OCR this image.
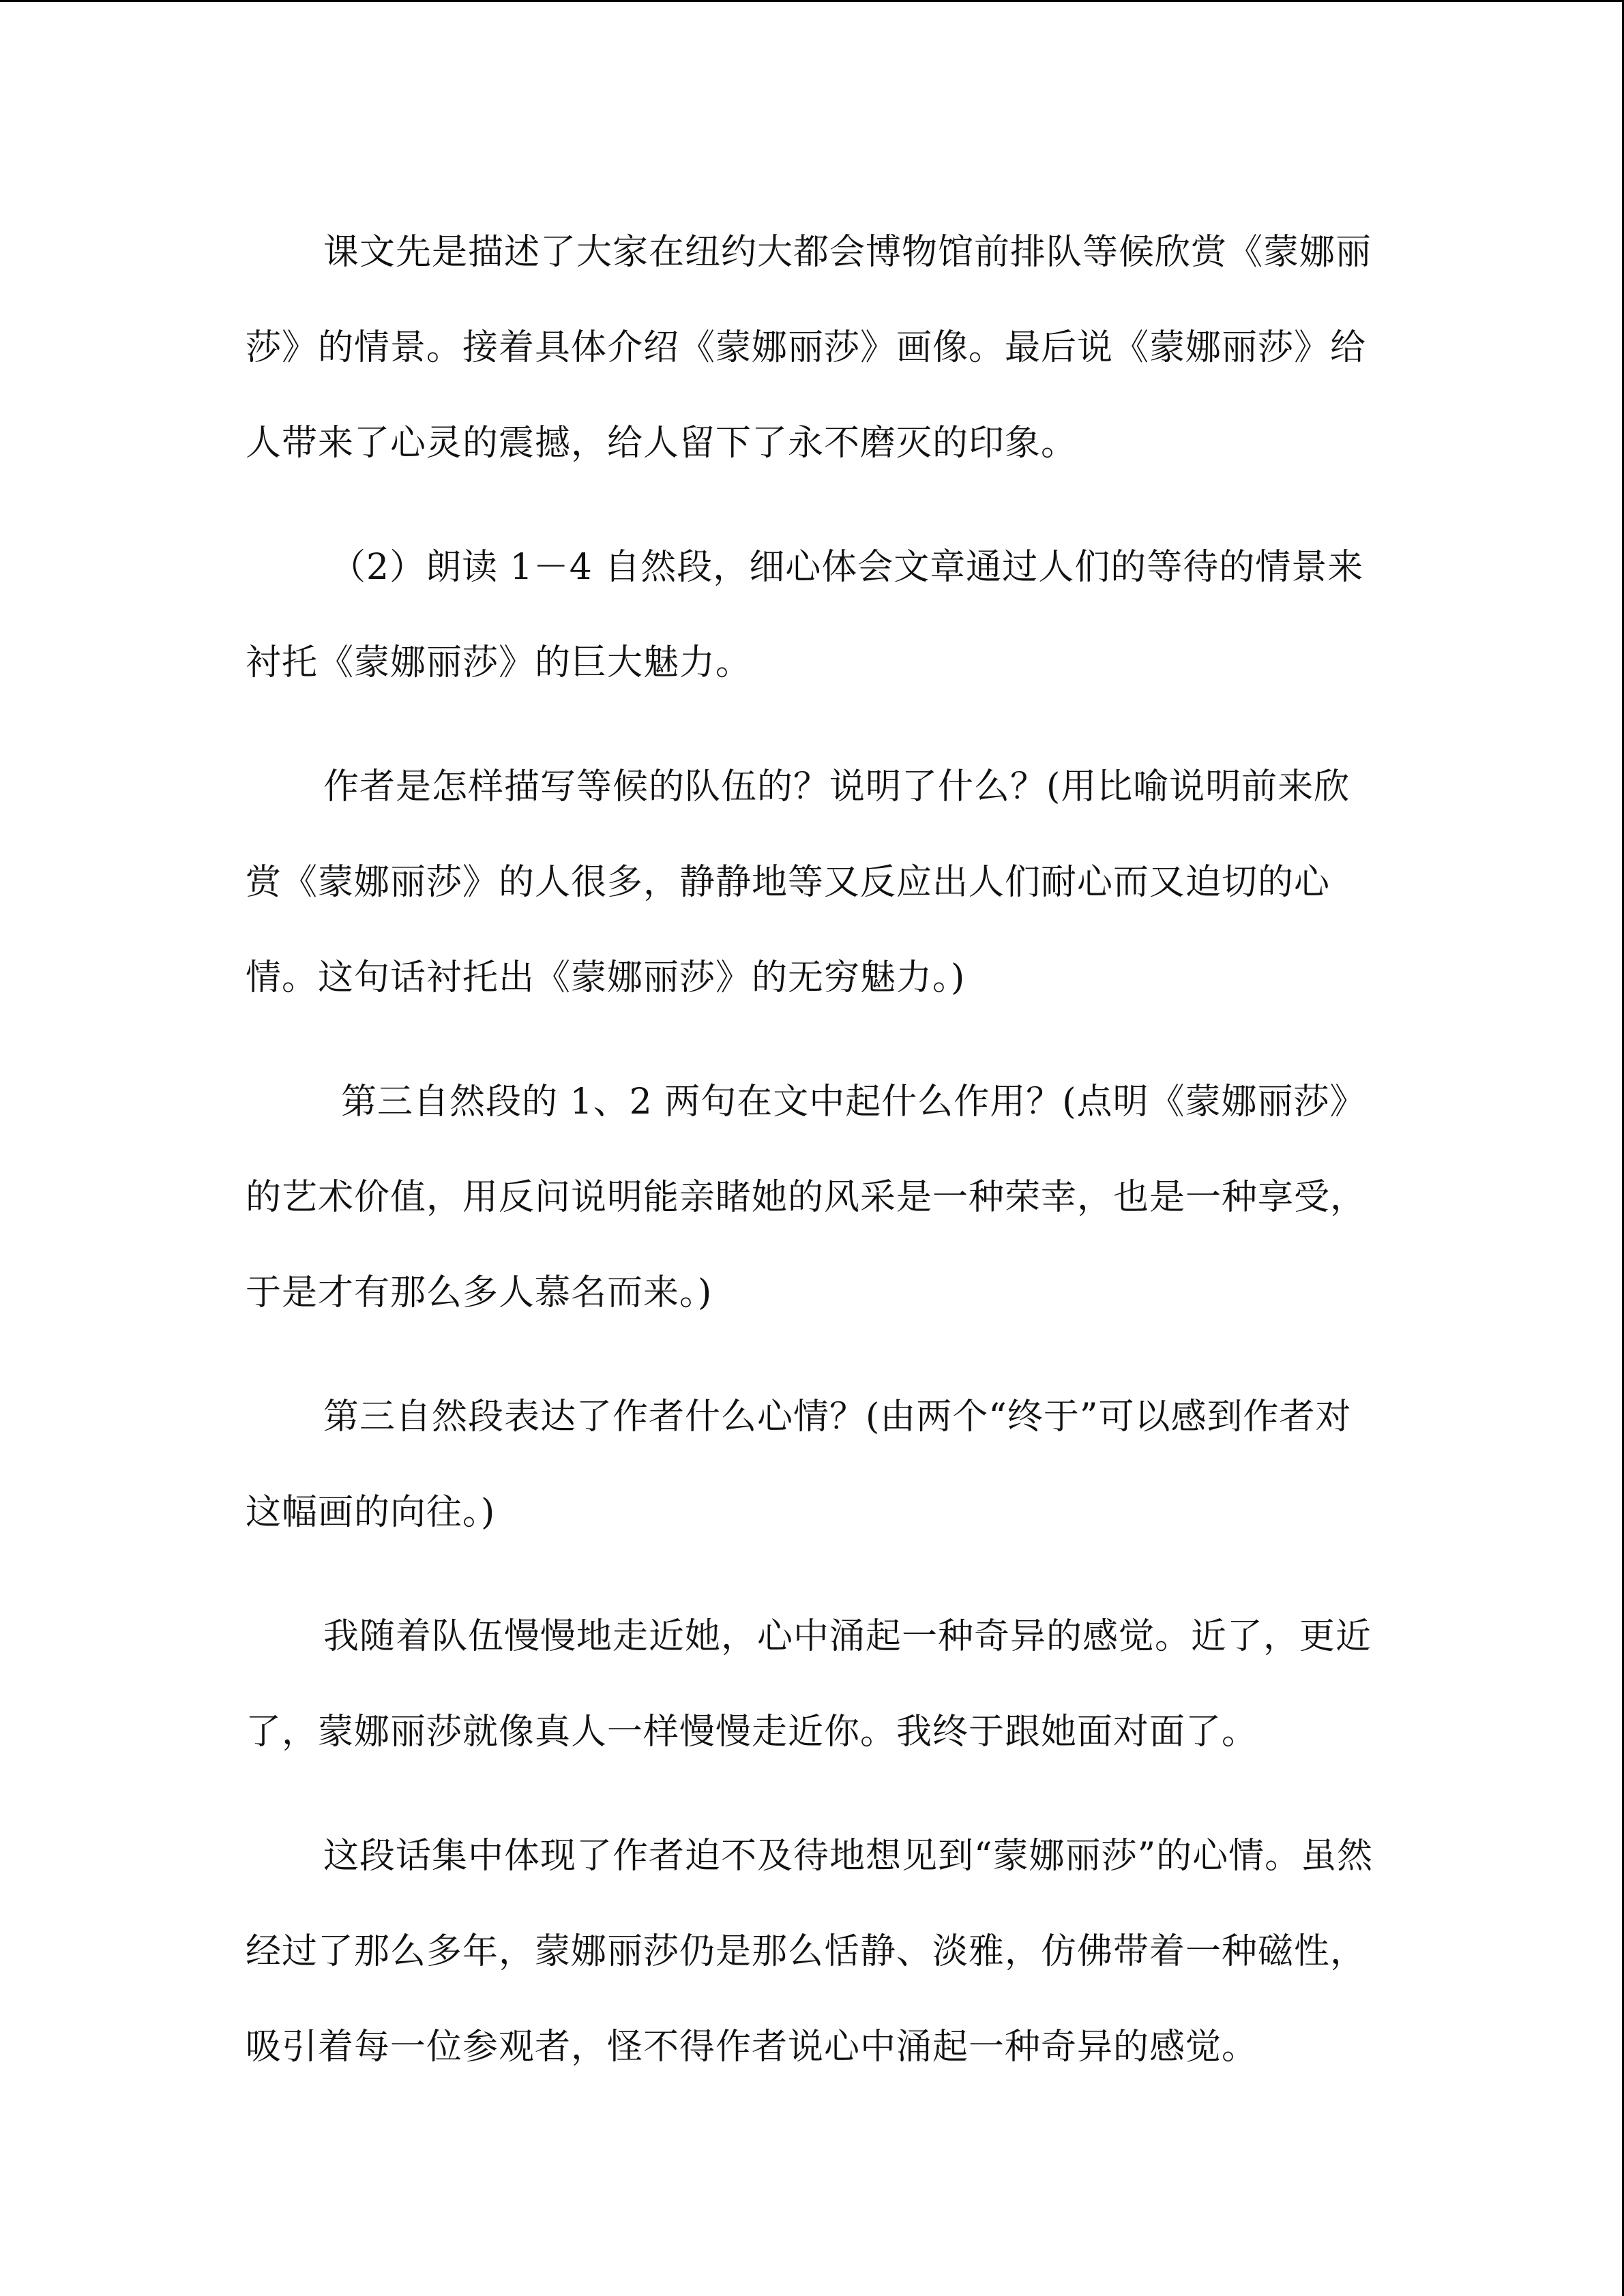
课文先是描述了大家在纽约大都会博物馆前排队等候欣赏《蒙娜丽莎》的情景。接着具体介绍《蒙娜丽莎》画像。最后说《蒙娜丽莎》给人带来了心灵的震撼，给人留下了永不磨灭的印象。

（2）朗读 1－4 自然段，细心体会文章通过人们的等待的情景来衬托《蒙娜丽莎》的巨大魅力。

作者是怎样描写等候的队伍的？说明了什么？(用比喻说明前来欣赏《蒙娜丽莎》的人很多，静静地等又反应出人们耐心而又迫切的心情。这句话衬托出《蒙娜丽莎》的无穷魅力。)

第三自然段的 1、2 两句在文中起什么作用？(点明《蒙娜丽莎》的艺术价值，用反问说明能亲睹她的风采是一种荣幸，也是一种享受，于是才有那么多人慕名而来。)

第三自然段表达了作者什么心情？(由两个“终于”可以感到作者对这幅画的向往。)

我随着队伍慢慢地走近她，心中涌起一种奇异的感觉。近了，更近了，蒙娜丽莎就像真人一样慢慢走近你。我终于跟她面对面了。

这段话集中体现了作者迫不及待地想见到“蒙娜丽莎”的心情。虽然经过了那么多年，蒙娜丽莎仍是那么恬静、淡雅，仿佛带着一种磁性，吸引着每一位参观者，怪不得作者说心中涌起一种奇异的感觉。
